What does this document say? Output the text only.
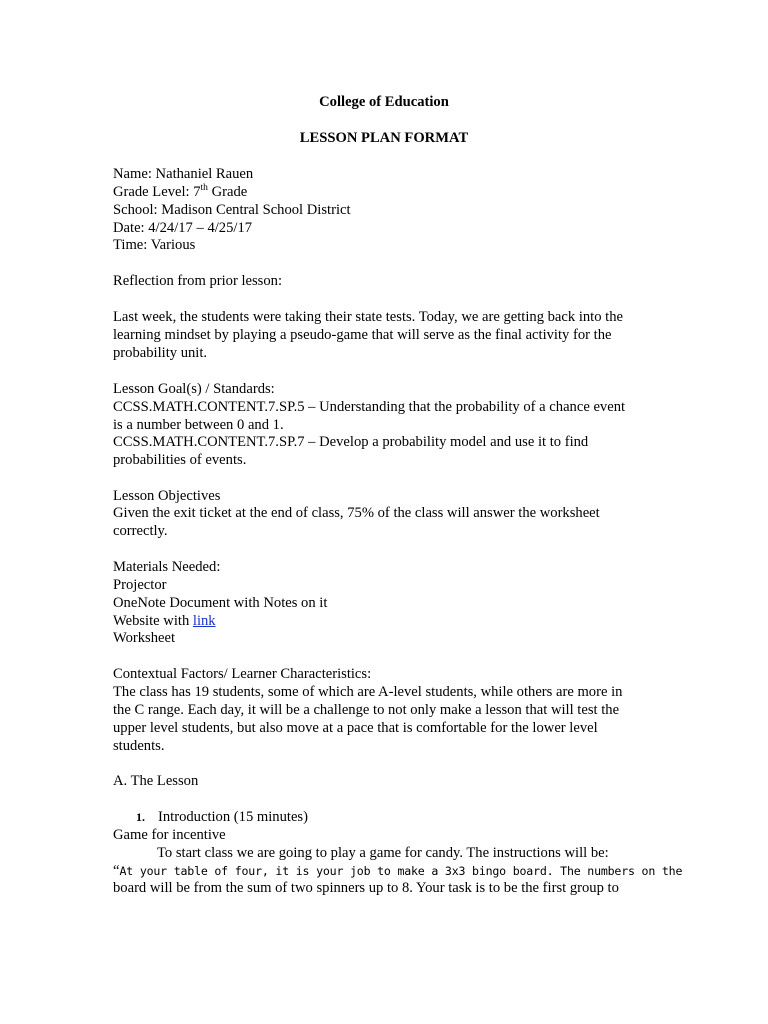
College of Education
LESSON PLAN FORMAT
Name: Nathaniel Rauen
Grade Level: 7th Grade
School: Madison Central School District
Date: 4/24/17 – 4/25/17
Time: Various
Reflection from prior lesson:
Last week, the students were taking their state tests. Today, we are getting back into the
learning mindset by playing a pseudo-game that will serve as the final activity for the
probability unit.
Lesson Goal(s) / Standards:
CCSS.MATH.CONTENT.7.SP.5 – Understanding that the probability of a chance event
is a number between 0 and 1.
CCSS.MATH.CONTENT.7.SP.7 – Develop a probability model and use it to find
probabilities of events.
Lesson Objectives
Given the exit ticket at the end of class, 75% of the class will answer the worksheet
correctly.
Materials Needed:
Projector
OneNote Document with Notes on it
Website with link
Worksheet
Contextual Factors/ Learner Characteristics:
The class has 19 students, some of which are A-level students, while others are more in
the C range. Each day, it will be a challenge to not only make a lesson that will test the
upper level students, but also move at a pace that is comfortable for the lower level
students.
A. The Lesson
1. Introduction (15 minutes)
Game for incentive
To start class we are going to play a game for candy. The instructions will be:
“At your table of four, it is your job to make a 3x3 bingo board. The numbers on the
board will be from the sum of two spinners up to 8. Your task is to be the first group to
